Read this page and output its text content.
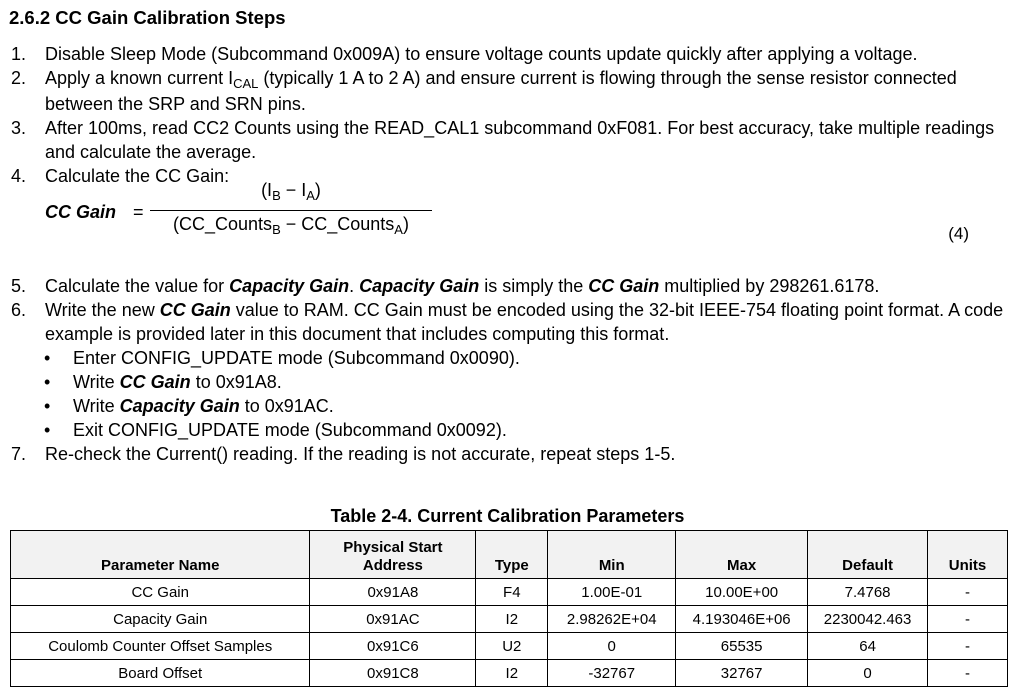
2.6.2 CC Gain Calibration Steps
1. Disable Sleep Mode (Subcommand 0x009A) to ensure voltage counts update quickly after applying a voltage.
2. Apply a known current $I_{CAL}$ (typically 1 A to 2 A) and ensure current is flowing through the sense resistor connected between the SRP and SRN pins.
3. After 100ms, read CC2 Counts using the READ_CAL1 subcommand 0xF081. For best accuracy, take multiple readings and calculate the average.
4. Calculate the CC Gain:
CC Gain =
$(I_B - I_A)$
(CC_Counts$_B$ − CC_Counts$_A$)	(4)
5. Calculate the value for Capacity Gain. Capacity Gain is simply the CC Gain multiplied by 298261.6178.
6. Write the new CC Gain value to RAM. CC Gain must be encoded using the 32-bit IEEE-754 floating point format. A code example is provided later in this document that includes computing this format.
• Enter CONFIG_UPDATE mode (Subcommand 0x0090).
• Write CC Gain to 0x91A8.
• Write Capacity Gain to 0x91AC.
• Exit CONFIG_UPDATE mode (Subcommand 0x0092).
7. Re-check the Current() reading. If the reading is not accurate, repeat steps 1-5.
Table 2-4. Current Calibration Parameters
Parameter Name	Physical Start Address	Type	Min	Max	Default	Units
CC Gain	0x91A8	F4	1.00E-01	10.00E+00	7.4768	-
Capacity Gain	0x91AC	I2	2.98262E+04	4.193046E+06	2230042.463	-
Coulomb Counter Offset Samples	0x91C6	U2	0	65535	64	-
Board Offset	0x91C8	I2	-32767	32767	0	-
